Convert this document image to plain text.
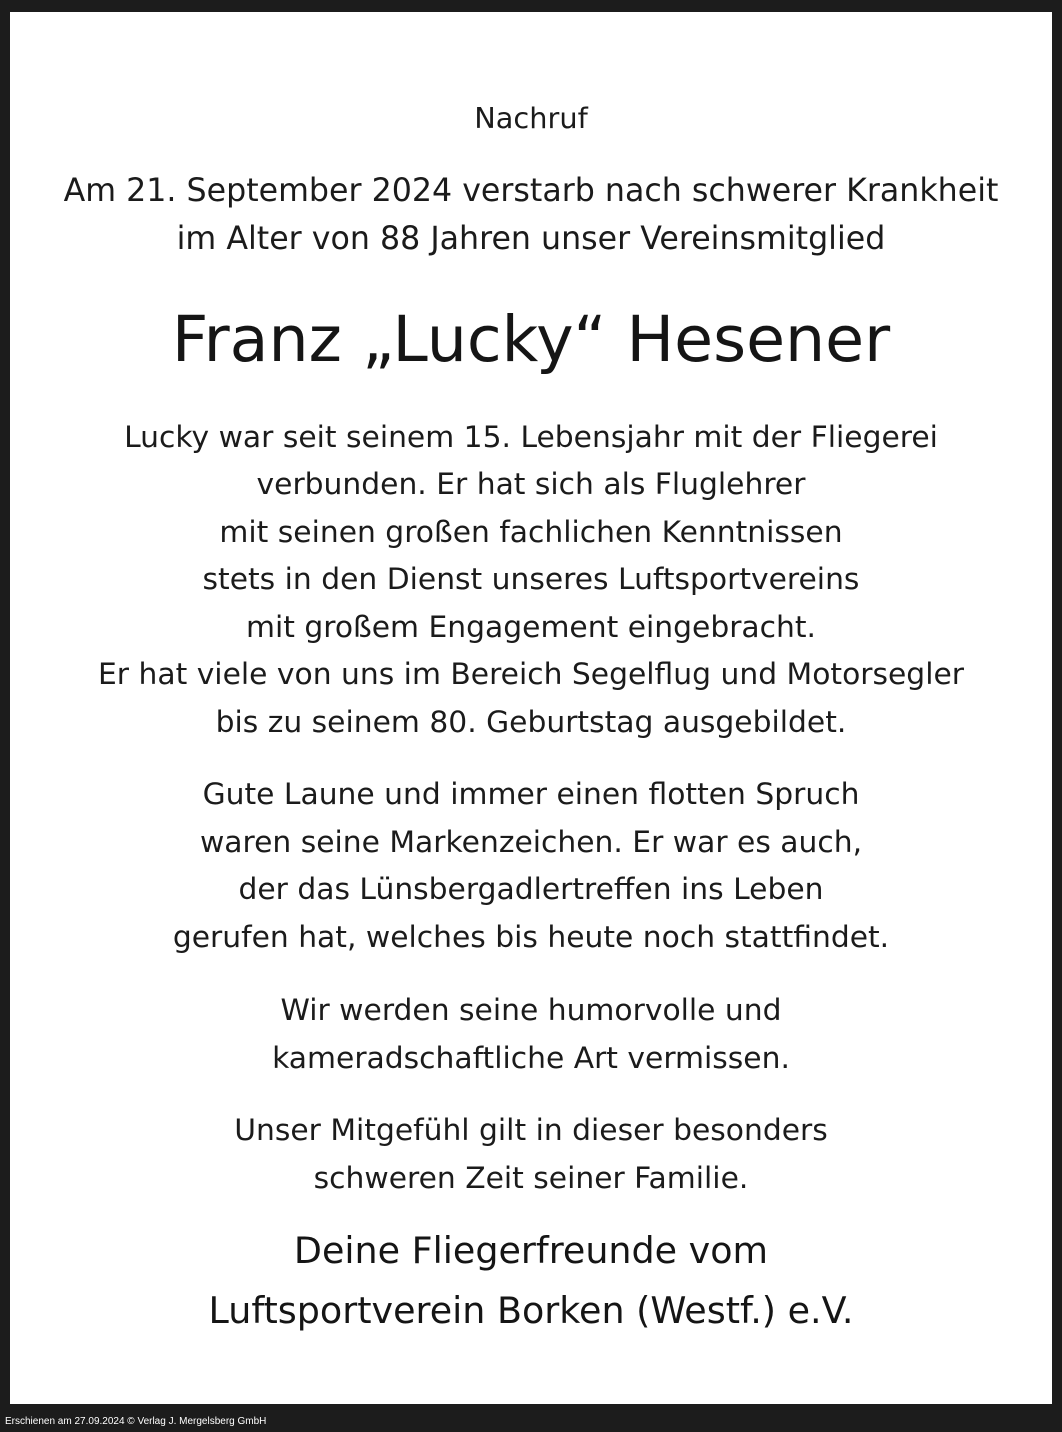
Nachruf

Am 21. September 2024 verstarb nach schwerer Krankheit

im Alter von 88 Jahren unser Vereinsmitglied

Franz „Lucky“ Hesener

Lucky war seit seinem 15. Lebensjahr mit der Fliegerei

verbunden. Er hat sich als Fluglehrer

mit seinen großen fachlichen Kenntnissen

stets in den Dienst unseres Luftsportvereins

mit großem Engagement eingebracht.

Er hat viele von uns im Bereich Segelflug und Motorsegler

bis zu seinem 80. Geburtstag ausgebildet.

Gute Laune und immer einen flotten Spruch

waren seine Markenzeichen. Er war es auch,

der das Lünsbergadlertreffen ins Leben

gerufen hat, welches bis heute noch stattfindet.

Wir werden seine humorvolle und

kameradschaftliche Art vermissen.

Unser Mitgefühl gilt in dieser besonders

schweren Zeit seiner Familie.

Deine Fliegerfreunde vom

Luftsportverein Borken (Westf.) e.V.

Erschienen am 27.09.2024 © Verlag J. Mergelsberg GmbH
